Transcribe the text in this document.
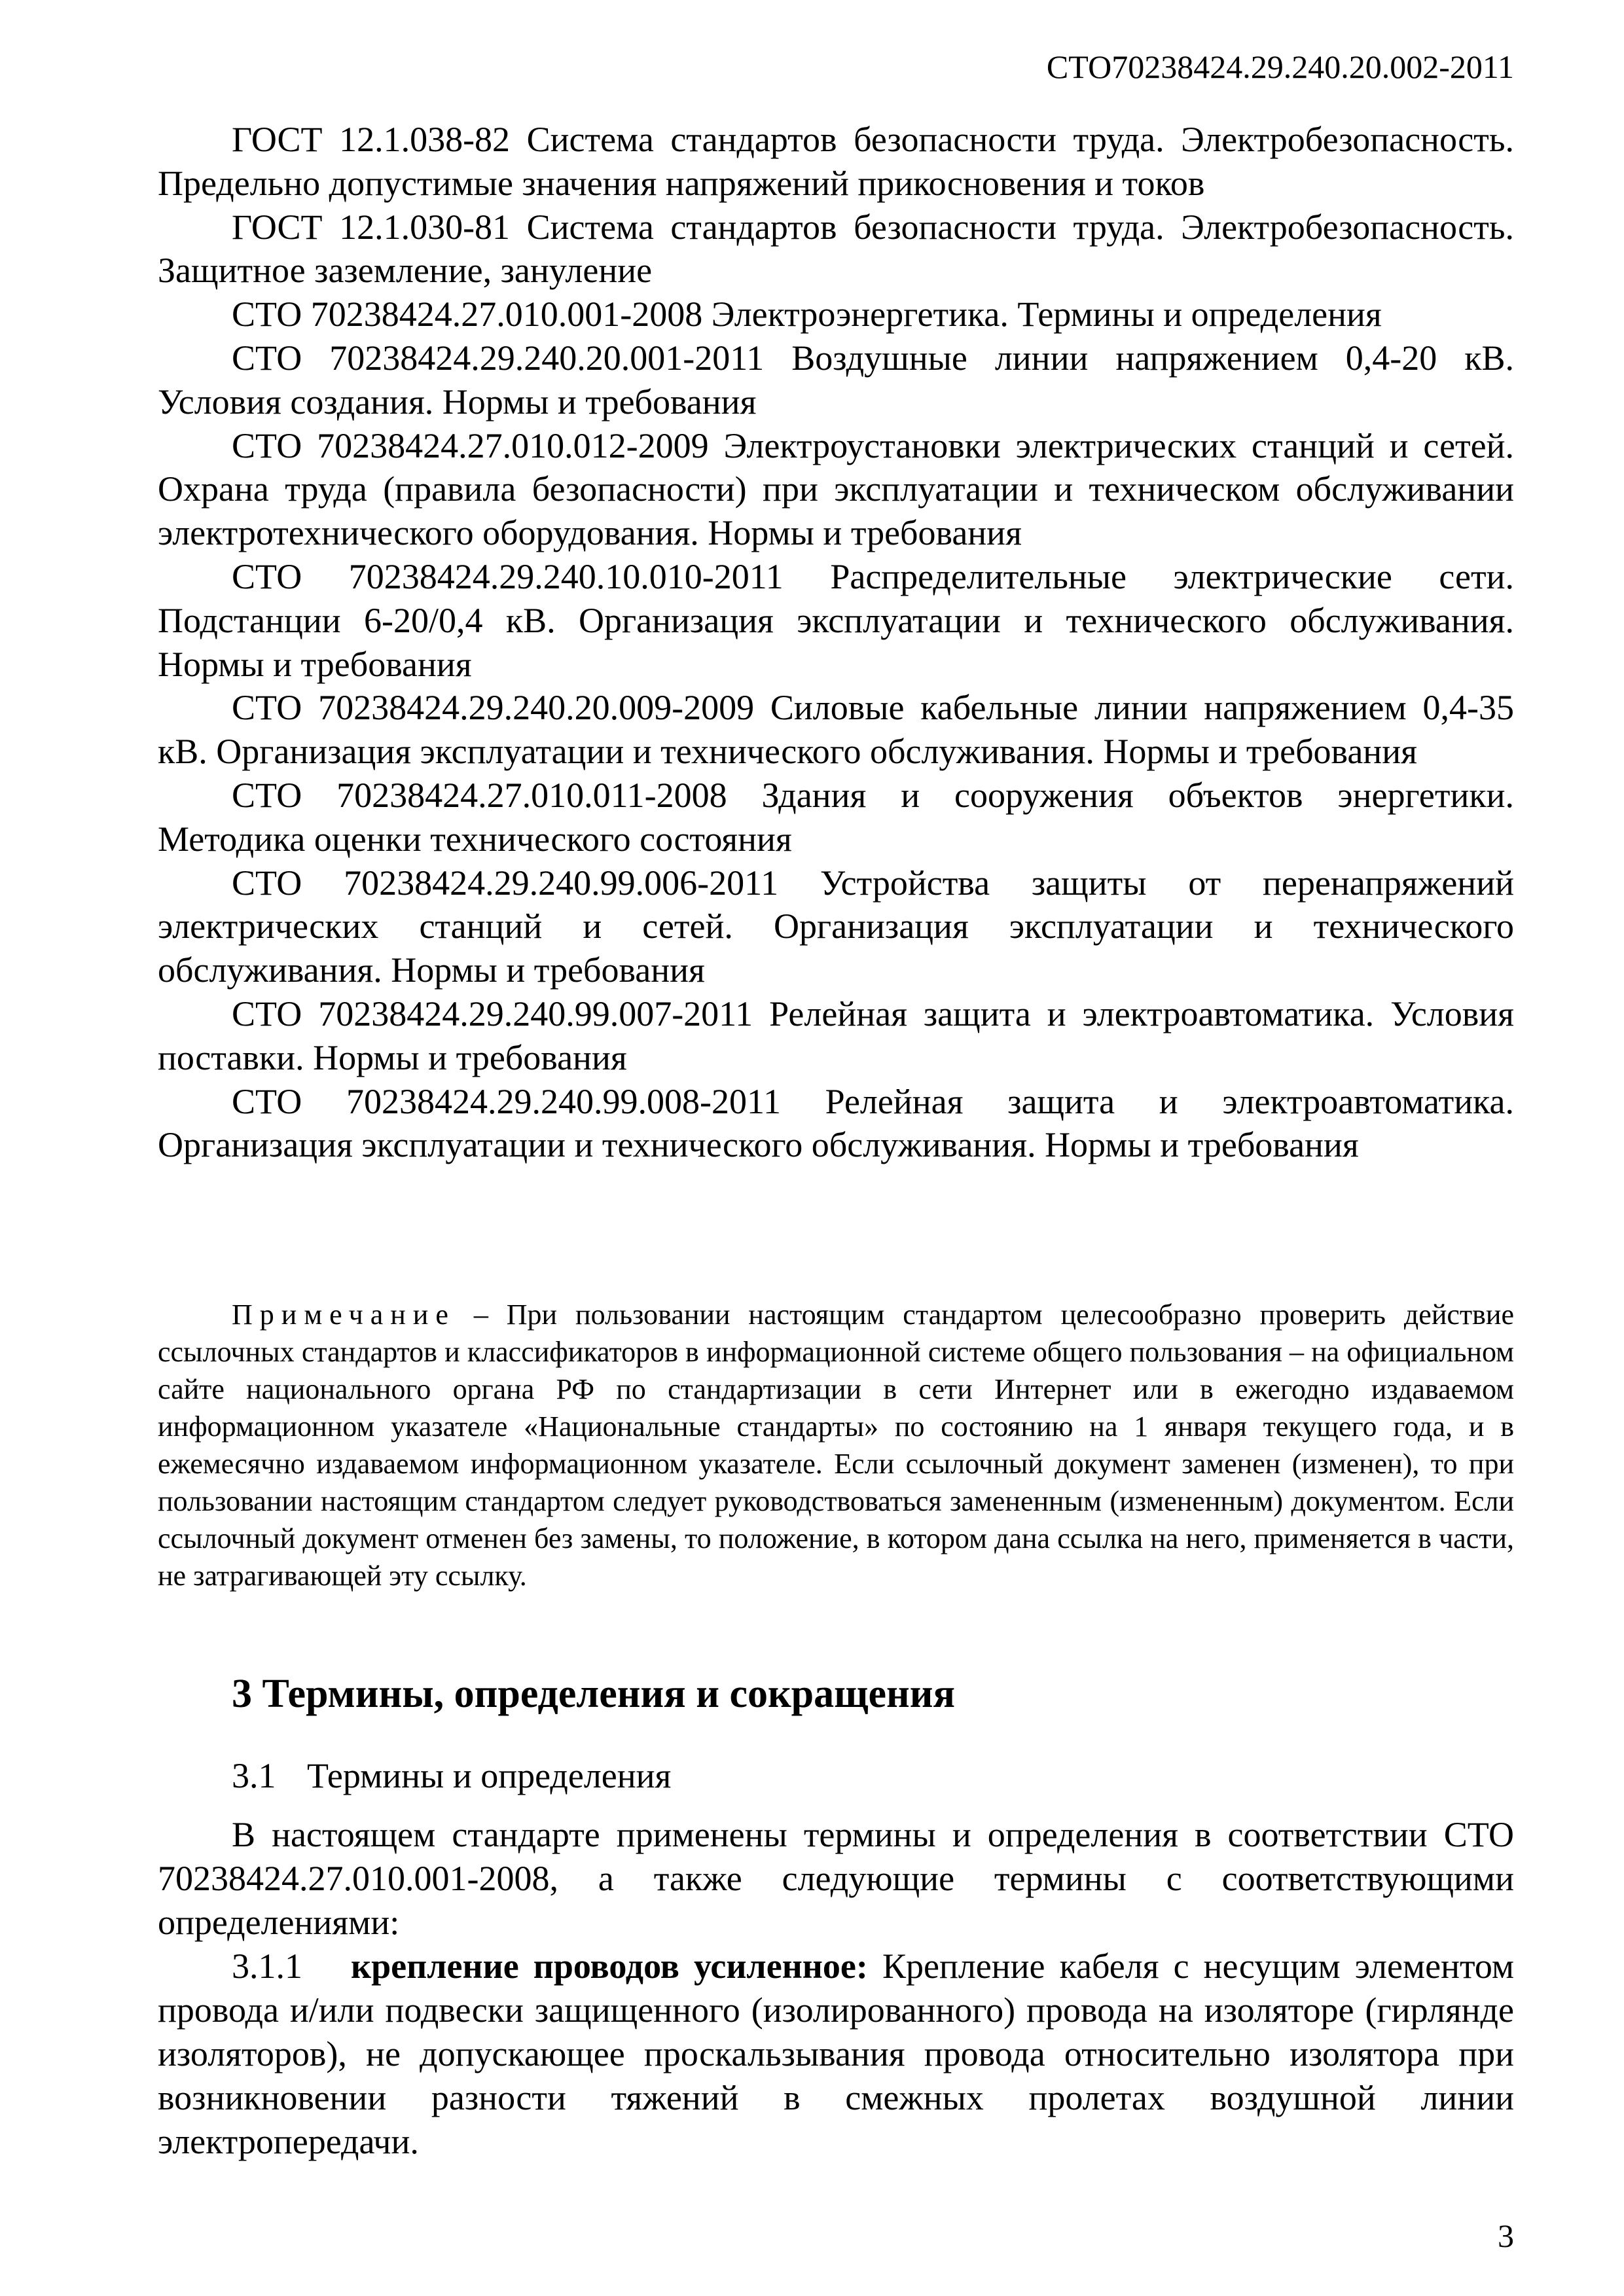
СТО70238424.29.240.20.002-2011

ГОСТ 12.1.038-82 Система стандартов безопасности труда. Электробезопасность. Предельно допустимые значения напряжений прикосновения и токов

ГОСТ 12.1.030-81 Система стандартов безопасности труда. Электробезопасность. Защитное заземление, зануление

СТО 70238424.27.010.001-2008 Электроэнергетика. Термины и определения

СТО 70238424.29.240.20.001-2011 Воздушные линии напряжением 0,4-20 кВ. Условия создания. Нормы и требования

СТО 70238424.27.010.012-2009 Электроустановки электрических станций и сетей. Охрана труда (правила безопасности) при эксплуатации и техническом обслуживании электротехнического оборудования. Нормы и требования

СТО 70238424.29.240.10.010-2011 Распределительные электрические сети. Подстанции 6-20/0,4 кВ. Организация эксплуатации и технического обслуживания. Нормы и требования

СТО 70238424.29.240.20.009-2009 Силовые кабельные линии напряжением 0,4-35 кВ. Организация эксплуатации и технического обслуживания. Нормы и требования

СТО 70238424.27.010.011-2008 Здания и сооружения объектов энергетики. Методика оценки технического состояния

СТО 70238424.29.240.99.006-2011 Устройства защиты от перенапряжений электрических станций и сетей. Организация эксплуатации и технического обслуживания. Нормы и требования

СТО 70238424.29.240.99.007-2011 Релейная защита и электроавтоматика. Условия поставки. Нормы и требования

СТО 70238424.29.240.99.008-2011 Релейная защита и электроавтоматика. Организация эксплуатации и технического обслуживания. Нормы и требования

Примечание – При пользовании настоящим стандартом целесообразно проверить действие ссылочных стандартов и классификаторов в информационной системе общего пользования – на официальном сайте национального органа РФ по стандартизации в сети Интернет или в ежегодно издаваемом информационном указателе «Национальные стандарты» по состоянию на 1 января текущего года, и в ежемесячно издаваемом информационном указателе. Если ссылочный документ заменен (изменен), то при пользовании настоящим стандартом следует руководствоваться замененным (измененным) документом. Если ссылочный документ отменен без замены, то положение, в котором дана ссылка на него, применяется в части, не затрагивающей эту ссылку.

3 Термины, определения и сокращения

3.1 Термины и определения

В настоящем стандарте применены термины и определения в соответствии СТО 70238424.27.010.001-2008, а также следующие термины с соответствующими определениями:

3.1.1 крепление проводов усиленное: Крепление кабеля с несущим элементом провода и/или подвески защищенного (изолированного) провода на изоляторе (гирлянде изоляторов), не допускающее проскальзывания провода относительно изолятора при возникновении разности тяжений в смежных пролетах воздушной линии электропередачи.

3
